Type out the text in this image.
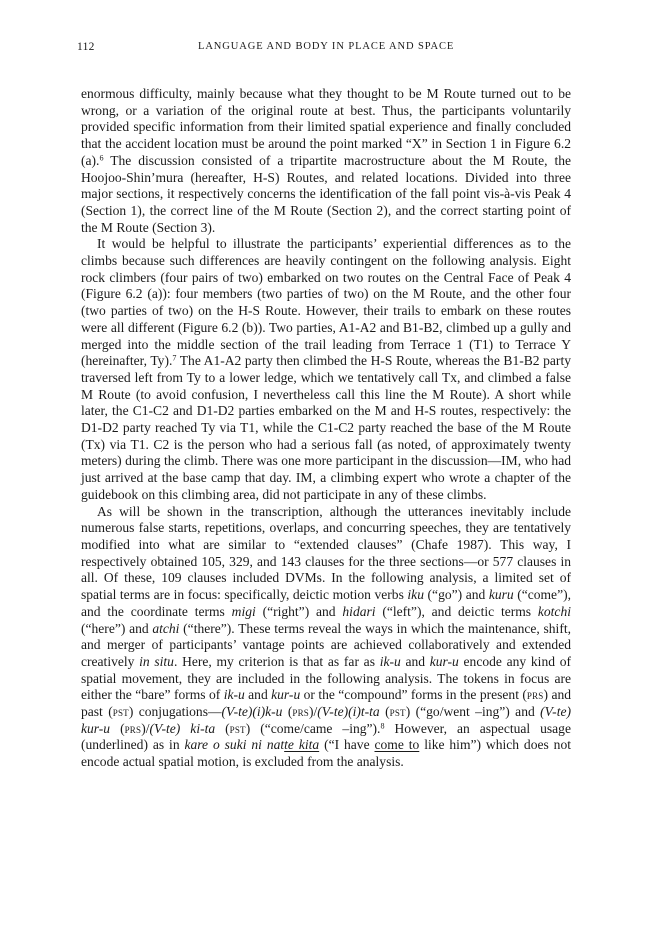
112	LANGUAGE AND BODY IN PLACE AND SPACE

enormous difficulty, mainly because what they thought to be M Route turned out to be wrong, or a variation of the original route at best. Thus, the participants voluntarily provided specific information from their limited spatial experience and finally concluded that the accident location must be around the point marked “X” in Section 1 in Figure 6.2 (a).$^6$ The discussion consisted of a tripartite macrostructure about the M Route, the Hoojoo-Shin’mura (hereafter, H-S) Routes, and related locations. Divided into three major sections, it respectively concerns the identification of the fall point vis-à-vis Peak 4 (Section 1), the correct line of the M Route (Section 2), and the correct starting point of the M Route (Section 3).

It would be helpful to illustrate the participants’ experiential differences as to the climbs because such differences are heavily contingent on the following analysis. Eight rock climbers (four pairs of two) embarked on two routes on the Central Face of Peak 4 (Figure 6.2 (a)): four members (two parties of two) on the M Route, and the other four (two parties of two) on the H-S Route. However, their trails to embark on these routes were all different (Figure 6.2 (b)). Two parties, A1-A2 and B1-B2, climbed up a gully and merged into the middle section of the trail leading from Terrace 1 (T1) to Terrace Y (hereinafter, Ty).$^7$ The A1-A2 party then climbed the H-S Route, whereas the B1-B2 party traversed left from Ty to a lower ledge, which we tentatively call Tx, and climbed a false M Route (to avoid confusion, I nevertheless call this line the M Route). A short while later, the C1-C2 and D1-D2 parties embarked on the M and H-S routes, respectively: the D1-D2 party reached Ty via T1, while the C1-C2 party reached the base of the M Route (Tx) via T1. C2 is the person who had a serious fall (as noted, of approximately twenty meters) during the climb. There was one more participant in the discussion—IM, who had just arrived at the base camp that day. IM, a climbing expert who wrote a chapter of the guidebook on this climbing area, did not participate in any of these climbs.

As will be shown in the transcription, although the utterances inevitably include numerous false starts, repetitions, overlaps, and concurring speeches, they are tentatively modified into what are similar to “extended clauses” (Chafe 1987). This way, I respectively obtained 105, 329, and 143 clauses for the three sections—or 577 clauses in all. Of these, 109 clauses included DVMs. In the following analysis, a limited set of spatial terms are in focus: specifically, deictic motion verbs iku (“go”) and kuru (“come”), and the coordinate terms migi (“right”) and hidari (“left”), and deictic terms kotchi (“here”) and atchi (“there”). These terms reveal the ways in which the maintenance, shift, and merger of participants’ vantage points are achieved collaboratively and extended creatively in situ. Here, my criterion is that as far as ik-u and kur-u encode any kind of spatial movement, they are included in the following analysis. The tokens in focus are either the “bare” forms of ik-u and kur-u or the “compound” forms in the present (prs) and past (pst) conjugations—(V-te)(i)k-u (prs)/(V-te)(i)t-ta (pst) (“go/went –ing”) and (V-te) kur-u (prs)/(V-te) ki-ta (pst) (“come/came –ing”).$^8$ However, an aspectual usage (underlined) as in kare o suki ni natte kita (“I have come to like him”) which does not encode actual spatial motion, is excluded from the analysis.
